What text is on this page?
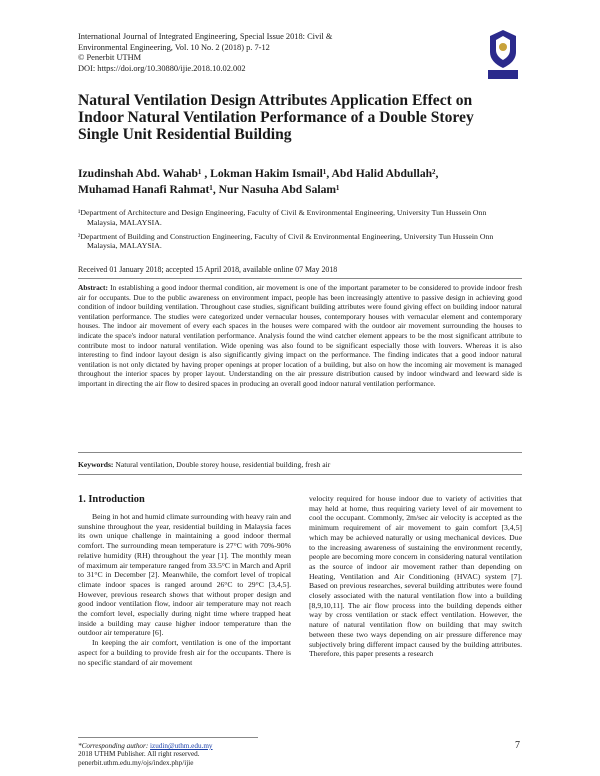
International Journal of Integrated Engineering, Special Issue 2018: Civil &
Environmental Engineering, Vol. 10 No. 2 (2018) p. 7-12
© Penerbit UTHM
DOI: https://doi.org/10.30880/ijie.2018.10.02.002
Natural Ventilation Design Attributes Application Effect on Indoor Natural Ventilation Performance of a Double Storey Single Unit Residential Building
Izudinshah Abd. Wahab¹ , Lokman Hakim Ismail¹, Abd Halid Abdullah²,
Muhamad Hanafi Rahmat¹, Nur Nasuha Abd Salam¹

¹Department of Architecture and Design Engineering, Faculty of Civil & Environmental Engineering, University Tun Hussein Onn Malaysia, MALAYSIA.

²Department of Building and Construction Engineering, Faculty of Civil & Environmental Engineering, University Tun Hussein Onn Malaysia, MALAYSIA.

Received 01 January 2018; accepted 15 April 2018, available online 07 May 2018
Abstract: In establishing a good indoor thermal condition, air movement is one of the important parameter to be considered to provide indoor fresh air for occupants. Due to the public awareness on environment impact, people has been increasingly attentive to passive design in achieving good condition of indoor building ventilation. Throughout case studies, significant building attributes were found giving effect on building indoor natural ventilation performance. The studies were categorized under vernacular houses, contemporary houses with vernacular element and contemporary houses. The indoor air movement of every each spaces in the houses were compared with the outdoor air movement surrounding the houses to indicate the space's indoor natural ventilation performance. Analysis found the wind catcher element appears to be the most significant attribute to contribute most to indoor natural ventilation. Wide opening was also found to be significant especially those with louvers. Whereas it is also interesting to find indoor layout design is also significantly giving impact on the performance. The finding indicates that a good indoor natural ventilation is not only dictated by having proper openings at proper location of a building, but also on how the incoming air movement is managed throughout the interior spaces by proper layout. Understanding on the air pressure distribution caused by indoor windward and leeward side is important in directing the air flow to desired spaces in producing an overall good indoor natural ventilation performance.
Keywords: Natural ventilation, Double storey house, residential building, fresh air
1. Introduction

Being in hot and humid climate surrounding with heavy rain and sunshine throughout the year, residential building in Malaysia faces its own unique challenge in maintaining a good indoor thermal comfort. The surrounding mean temperature is 27°C with 70%-90% relative humidity (RH) throughout the year [1]. The monthly mean of maximum air temperature ranged from 33.5°C in March and April to 31°C in December [2]. Meanwhile, the comfort level of tropical climate indoor spaces is ranged around 26°C to 29°C [3,4,5]. However, previous research shows that without proper design and good indoor ventilation flow, indoor air temperature may not reach the comfort level, especially during night time where trapped heat inside a building may cause higher indoor temperature than the outdoor air temperature [6].

In keeping the air comfort, ventilation is one of the important aspect for a building to provide fresh air for the occupants. There is no specific standard of air movement

velocity required for house indoor due to variety of activities that may held at home, thus requiring variety level of air movement to cool the occupant. Commonly, 2m/sec air velocity is accepted as the minimum requirement of air movement to gain comfort [3,4,5] which may be achieved naturally or using mechanical devices. Due to the increasing awareness of sustaining the environment recently, people are becoming more concern in considering natural ventilation as the source of indoor air movement rather than depending on Heating, Ventilation and Air Conditioning (HVAC) system [7]. Based on previous researches, several building attributes were found closely associated with the natural ventilation flow into a building [8,9,10,11]. The air flow process into the building depends either way by cross ventilation or stack effect ventilation. However, the nature of natural ventilation flow on building that may switch between these two ways depending on air pressure difference may subjectively bring different impact caused by the building attributes. Therefore, this paper presents a research

*Corresponding author: izudin@uthm.edu.my
2018 UTHM Publisher. All right reserved.
penerbit.uthm.edu.my/ojs/index.php/ijie
7
